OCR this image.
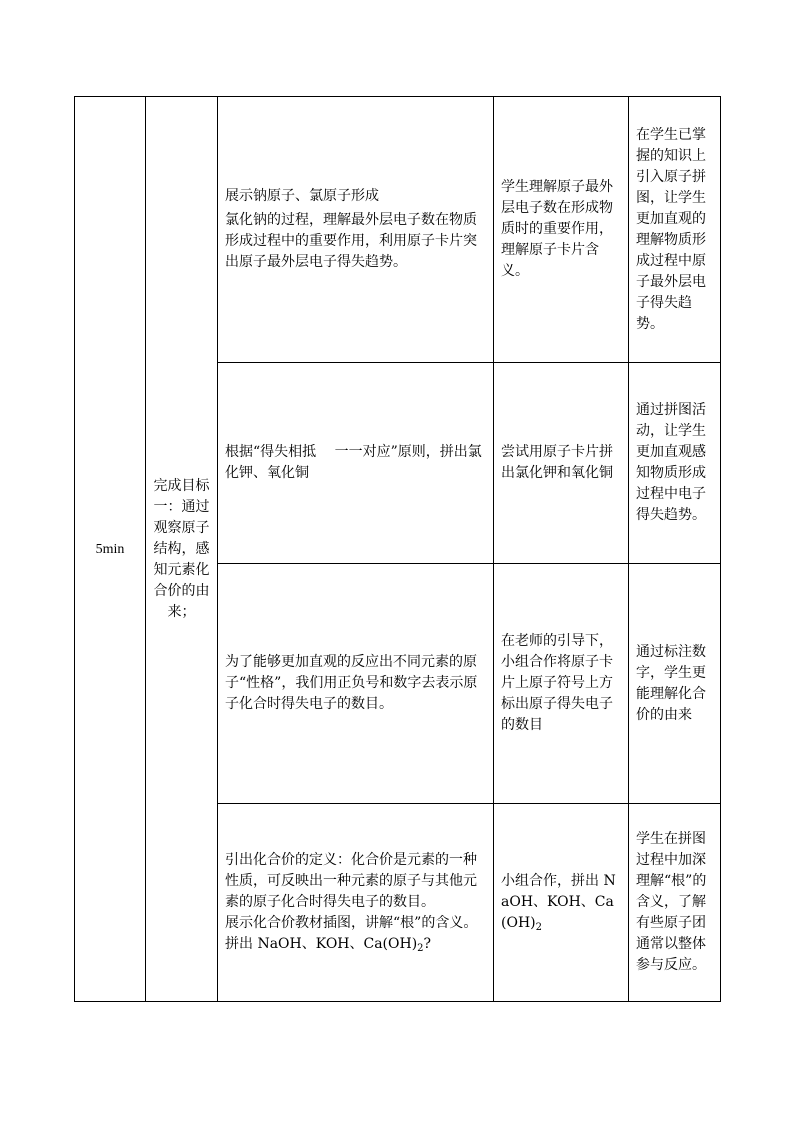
5min	完成目标一：通过观察原子结构，感知元素化合价的由来；	展示钠原子、氯原子形成
氯化钠的过程，理解最外层电子数在物质形成过程中的重要作用，利用原子卡片突出原子最外层电子得失趋势。	学生理解原子最外层电子数在形成物质时的重要作用，理解原子卡片含义。	在学生已掌握的知识上引入原子拼图，让学生更加直观的理解物质形成过程中原子最外层电子得失趋势。
		根据“得失相抵　 一一对应”原则，拼出氯化钾、氧化铜	尝试用原子卡片拼出氯化钾和氧化铜	通过拼图活动，让学生更加直观感知物质形成过程中电子得失趋势。
		为了能够更加直观的反应出不同元素的原子“性格”，我们用正负号和数字去表示原子化合时得失电子的数目。	在老师的引导下，小组合作将原子卡片上原子符号上方标出原子得失电子的数目	通过标注数字，学生更能理解化合价的由来

		引出化合价的定义：化合价是元素的一种性质，可反映出一种元素的原子与其他元素的原子化合时得失电子的数目。
展示化合价教材插图，讲解“根”的含义。拼出 NaOH、KOH、$Ca(OH)_2$?	小组合作，拼出 NaOH、KOH、$Ca(OH)_2$	学生在拼图过程中加深理解“根”的含义，了解有些原子团通常以整体参与反应。
